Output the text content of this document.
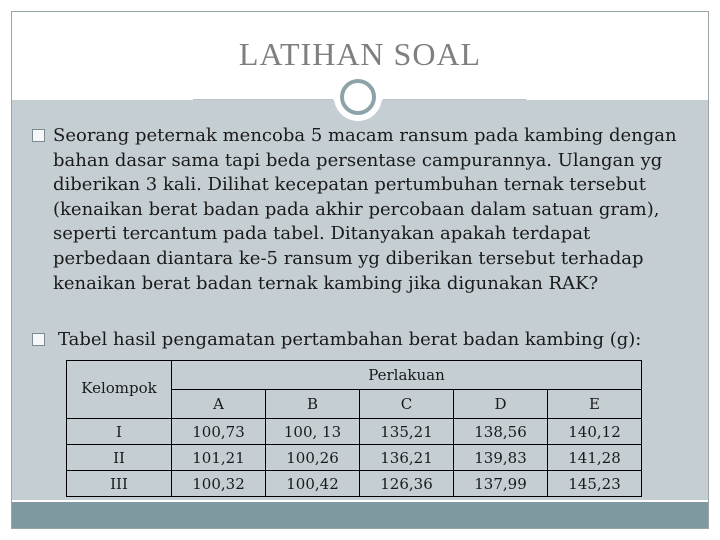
LATIHAN SOAL
Seorang peternak mencoba 5 macam ransum pada kambing dengan bahan dasar sama tapi beda persentase campurannya. Ulangan yg diberikan 3 kali. Dilihat kecepatan pertumbuhan ternak tersebut (kenaikan berat badan pada akhir percobaan dalam satuan gram), seperti tercantum pada tabel. Ditanyakan apakah terdapat perbedaan diantara ke-5 ransum yg diberikan tersebut terhadap kenaikan berat badan ternak kambing jika digunakan RAK?
Tabel hasil pengamatan pertambahan berat badan kambing (g):
Kelompok	Perlakuan				
	A	B	C	D	E
I	100,73	100, 13	135,21	138,56	140,12
II	101,21	100,26	136,21	139,83	141,28
III	100,32	100,42	126,36	137,99	145,23
